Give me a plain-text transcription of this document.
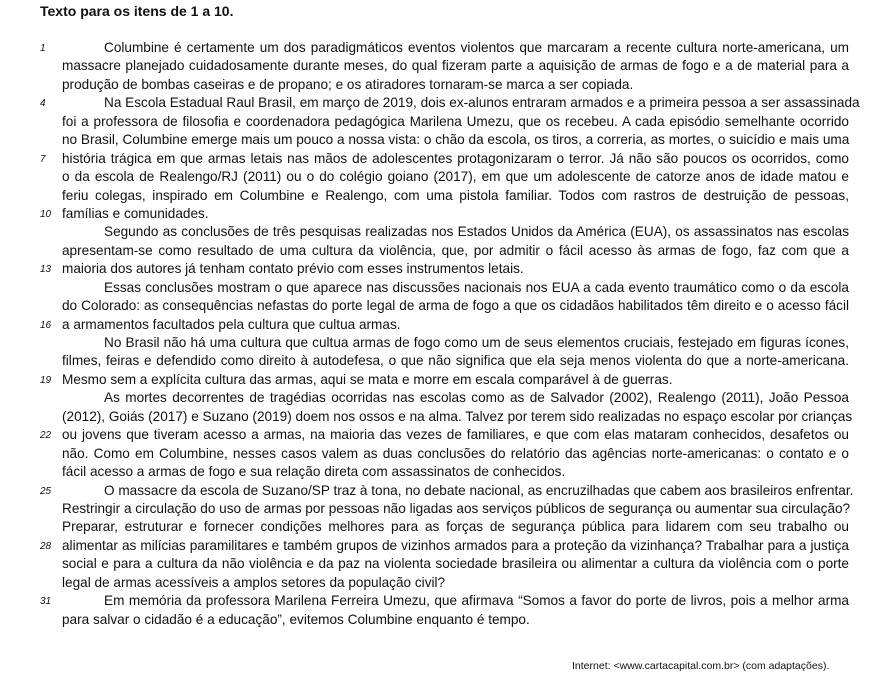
Texto para os itens de 1 a 10.
1	Columbine é certamente um dos paradigmáticos eventos violentos que marcaram a recente cultura norte-americana, um
massacre planejado cuidadosamente durante meses, do qual fizeram parte a aquisição de armas de fogo e a de material para a
produção de bombas caseiras e de propano; e os atiradores tornaram-se marca a ser copiada.
4	Na Escola Estadual Raul Brasil, em março de 2019, dois ex-alunos entraram armados e a primeira pessoa a ser assassinada
foi a professora de filosofia e coordenadora pedagógica Marilena Umezu, que os recebeu. A cada episódio semelhante ocorrido
no Brasil, Columbine emerge mais um pouco a nossa vista: o chão da escola, os tiros, a correria, as mortes, o suicídio e mais uma
7	história trágica em que armas letais nas mãos de adolescentes protagonizaram o terror. Já não são poucos os ocorridos, como
o da escola de Realengo/RJ (2011) ou o do colégio goiano (2017), em que um adolescente de catorze anos de idade matou e
feriu colegas, inspirado em Columbine e Realengo, com uma pistola familiar. Todos com rastros de destruição de pessoas,
10 famílias e comunidades.
Segundo as conclusões de três pesquisas realizadas nos Estados Unidos da América (EUA), os assassinatos nas escolas
apresentam-se como resultado de uma cultura da violência, que, por admitir o fácil acesso às armas de fogo, faz com que a
13 maioria dos autores já tenham contato prévio com esses instrumentos letais.
Essas conclusões mostram o que aparece nas discussões nacionais nos EUA a cada evento traumático como o da escola
do Colorado: as consequências nefastas do porte legal de arma de fogo a que os cidadãos habilitados têm direito e o acesso fácil
16 a armamentos facultados pela cultura que cultua armas.
No Brasil não há uma cultura que cultua armas de fogo como um de seus elementos cruciais, festejado em figuras ícones,
filmes, feiras e defendido como direito à autodefesa, o que não significa que ela seja menos violenta do que a norte-americana.
19 Mesmo sem a explícita cultura das armas, aqui se mata e morre em escala comparável à de guerras.
As mortes decorrentes de tragédias ocorridas nas escolas como as de Salvador (2002), Realengo (2011), João Pessoa
(2012), Goiás (2017) e Suzano (2019) doem nos ossos e na alma. Talvez por terem sido realizadas no espaço escolar por crianças
22 ou jovens que tiveram acesso a armas, na maioria das vezes de familiares, e que com elas mataram conhecidos, desafetos ou
não. Como em Columbine, nesses casos valem as duas conclusões do relatório das agências norte-americanas: o contato e o
fácil acesso a armas de fogo e sua relação direta com assassinatos de conhecidos.
25	O massacre da escola de Suzano/SP traz à tona, no debate nacional, as encruzilhadas que cabem aos brasileiros enfrentar.
Restringir a circulação do uso de armas por pessoas não ligadas aos serviços públicos de segurança ou aumentar sua circulação?
Preparar, estruturar e fornecer condições melhores para as forças de segurança pública para lidarem com seu trabalho ou
28 alimentar as milícias paramilitares e também grupos de vizinhos armados para a proteção da vizinhança? Trabalhar para a justiça
social e para a cultura da não violência e da paz na violenta sociedade brasileira ou alimentar a cultura da violência com o porte
legal de armas acessíveis a amplos setores da população civil?
31	Em memória da professora Marilena Ferreira Umezu, que afirmava “Somos a favor do porte de livros, pois a melhor arma
para salvar o cidadão é a educação”, evitemos Columbine enquanto é tempo.
Internet: <www.cartacapital.com.br> (com adaptações).
